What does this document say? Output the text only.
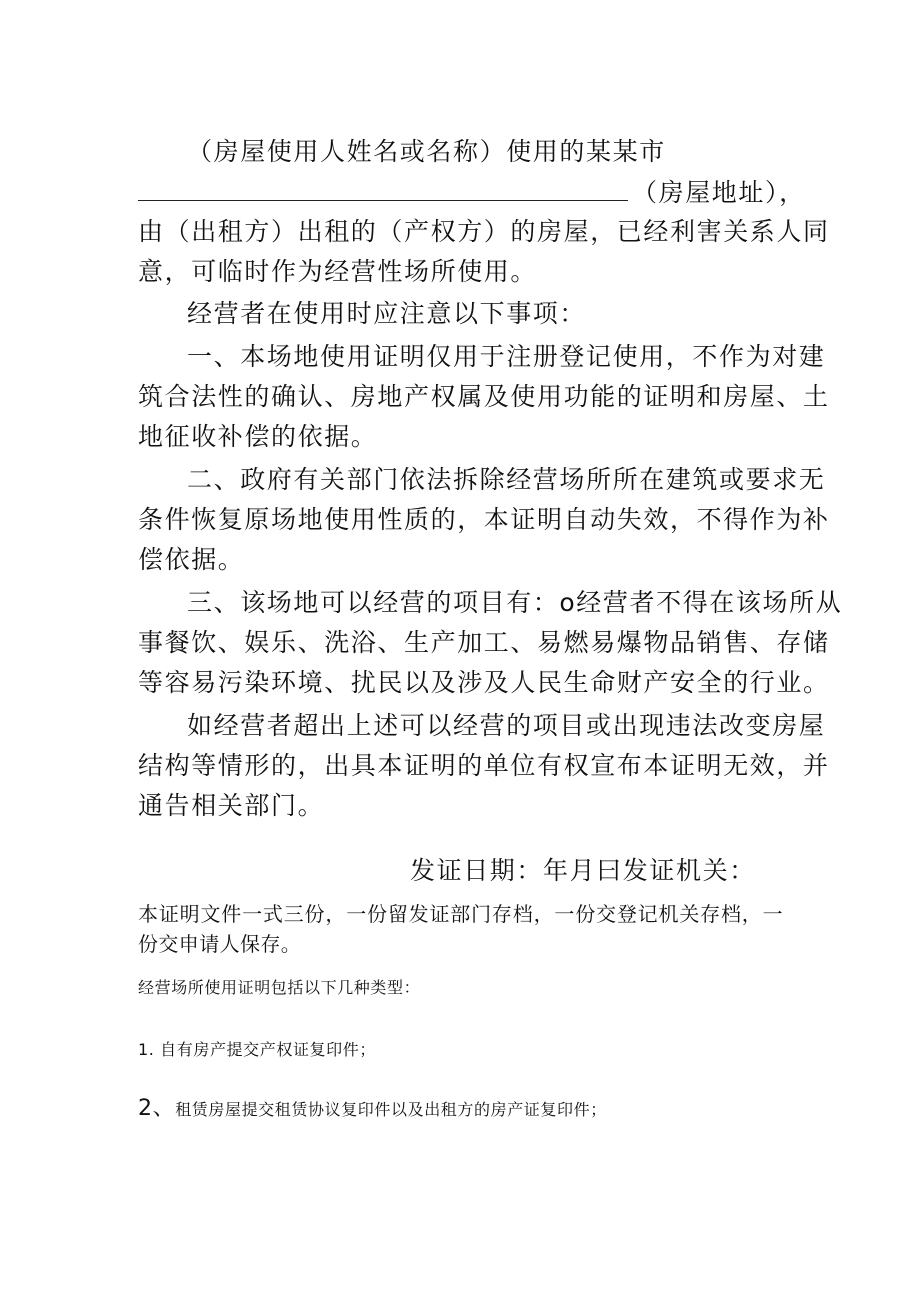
（房屋使用人姓名或名称）使用的某某市
（房屋地址），
由（出租方）出租的（产权方）的房屋，已经利害关系人同
意，可临时作为经营性场所使用。
经营者在使用时应注意以下事项：
一、本场地使用证明仅用于注册登记使用，不作为对建
筑合法性的确认、房地产权属及使用功能的证明和房屋、土
地征收补偿的依据。
二、政府有关部门依法拆除经营场所所在建筑或要求无
条件恢复原场地使用性质的，本证明自动失效，不得作为补
偿依据。
三、该场地可以经营的项目有：o经营者不得在该场所从
事餐饮、娱乐、洗浴、生产加工、易燃易爆物品销售、存储
等容易污染环境、扰民以及涉及人民生命财产安全的行业。
如经营者超出上述可以经营的项目或出现违法改变房屋
结构等情形的，出具本证明的单位有权宣布本证明无效，并
通告相关部门。
发证日期：年月曰发证机关：
本证明文件一式三份，一份留发证部门存档，一份交登记机关存档，一
份交申请人保存。
经营场所使用证明包括以下几种类型：
1. 自有房产提交产权证复印件；
2、租赁房屋提交租赁协议复印件以及出租方的房产证复印件；
